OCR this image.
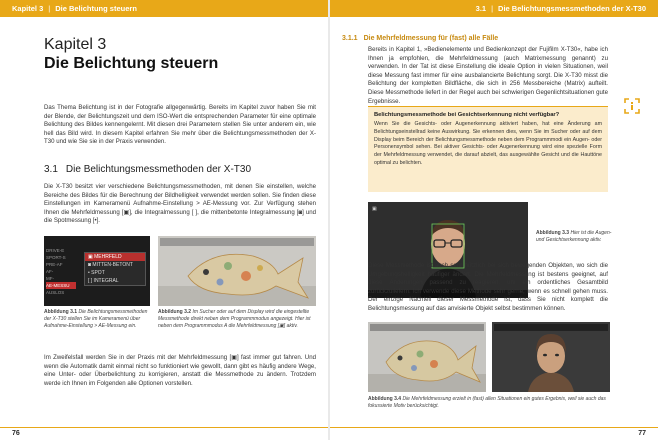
Kapitel 3 | Die Belichtung steuern
Kapitel 3
Die Belichtung steuern

Das Thema Belichtung ist in der Fotografie allgegenwärtig. Bereits im Kapitel zuvor haben Sie mit der Blende, der Belichtungszeit und dem ISO-Wert die entsprechenden Parameter für eine optimale Belichtung des Bildes kennengelernt. Mit diesen drei Parametern stellen Sie unter anderem ein, wie hell das Bild wird. In diesem Kapitel erfahren Sie mehr über die Belichtungsmessmethoden der X-T30 und wie Sie sie in der Praxis verwenden.

3.1 Die Belichtungsmessmethoden der X-T30

Die X-T30 besitzt vier verschiedene Belichtungsmessmethoden, mit denen Sie einstellen, welche Bereiche des Bildes für die Berechnung der Bildhelligkeit verwendet werden sollen. Sie finden diese Einstellungen im Kameramenü Aufnahme-Einstellung > AE-Messung vor. Zur Verfügung stehen Ihnen die Mehrfeldmessung [▣], die Integralmessung [ ], die mittenbetonte Integralmessung [◙] und die Spotmessung [•].

DRIVE-E
SPORT-S
PRE-AF
AF-
MF-
AE-MESSU
AUSLOS
▣ MEHRFELD
◙ MITTEN-BETONT
• SPOT
[ ] INTEGRAL
Abbildung 3.1 Die Belichtungsmessmethoden der X-T30 stellen Sie im Kameramenü über Aufnahme-Einstellung > AE-Messung ein.
Abbildung 3.2 Im Sucher oder auf dem Display wird die eingestellte Messmethode direkt neben dem Programmmodus angezeigt. Hier ist neben dem Programmmodus A die Mehrfeldmessung [▣] aktiv.

Im Zweifelsfall werden Sie in der Praxis mit der Mehrfeldmessung [▣] fast immer gut fahren. Und wenn die Automatik damit einmal nicht so funktioniert wie gewollt, dann gibt es häufig andere Wege, eine Unter- oder Überbelichtung zu korrigieren, anstatt die Messmethode zu ändern. Trotzdem werde ich Ihnen im Folgenden alle Optionen vorstellen.

76
3.1 | Die Belichtungsmessmethoden der X-T30
3.1.1 Die Mehrfeldmessung für (fast) alle Fälle

Bereits in Kapitel 1, »Bedienelemente und Bedienkonzept der Fujifilm X-T30«, habe ich Ihnen ja empfohlen, die Mehrfeldmessung (auch Matrixmessung genannt) zu verwenden. In der Tat ist diese Einstellung die ideale Option in vielen Situationen, weil diese Messung fast immer für eine ausbalancierte Belichtung sorgt. Die X-T30 misst die Belichtung der kompletten Bildfläche, die sich in 256 Messbereiche (Matrix) aufteilt. Diese Messmethode liefert in der Regel auch bei schwierigen Gegenlichtsituationen gute Ergebnisse.

Belichtungsmessmethode bei Gesichtserkennung nicht verfügbar?

Wenn Sie die Gesichts- oder Augenerkennung aktiviert haben, hat eine Änderung am Belichtungseinstellrad keine Auswirkung. Sie erkennen dies, wenn Sie im Sucher oder auf dem Display beim Bereich der Belichtungsmessmethode neben dem Programmmodi ein Augen- oder Personensymbol sehen. Bei aktiver Gesichts- oder Augenerkennung wird eine spezielle Form der Mehrfeldmessung verwendet, die darauf abzielt, das ausgewählte Gesicht und die Hauttöne optimal zu belichten.

▣
Abbildung 3.3 Hier ist die Augen- und Gesichtserkennung aktiv.

Diese Messmethode ist auch sehr nützlich bei sich bewegenden Objekten, wo sich die Umgebungshelligkeit häufiger ändert. Die Mehrfeldmessung ist bestens geeignet, auf diese Änderungen passend zu reagieren, um ein ordentliches Gesamtbild zurückzuliefern. Ich verwende diese Methode sehr gerne, wenn es schnell gehen muss. Der einzige Nachteil dieser Messmethode ist, dass Sie nicht komplett die Belichtungsmessung auf das anvisierte Objekt selbst bestimmen können.

Abbildung 3.4 Die Mehrfeldmessung erzielt in (fast) allen Situationen ein gutes Ergebnis, weil sie auch das fokussierte Motiv berücksichtigt.
77
